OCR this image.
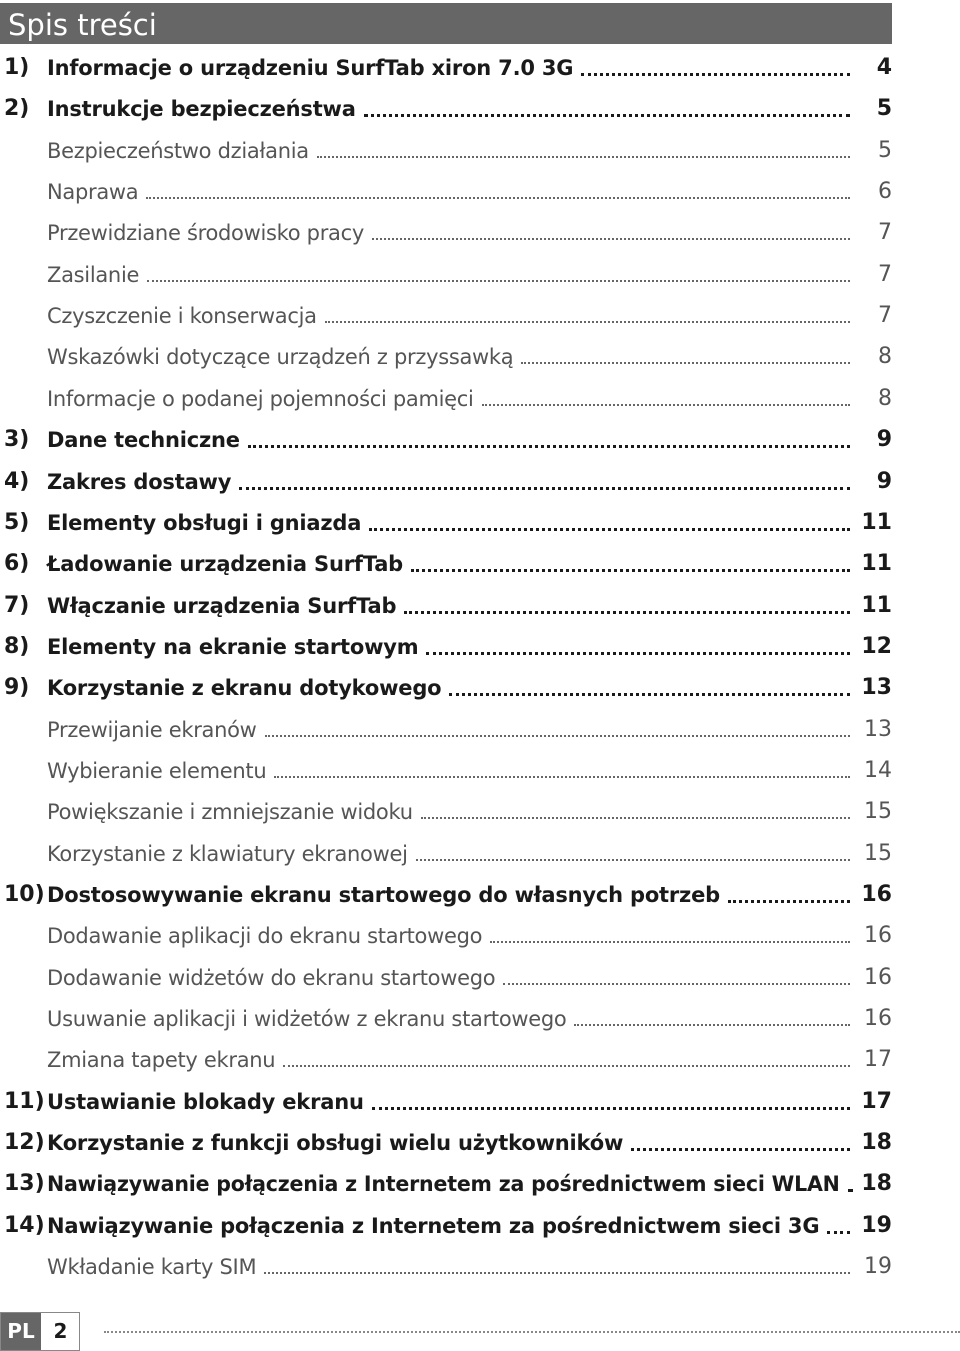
Spis treści
1) Informacje o urządzeniu SurfTab xiron 7.0 3G	4
2) Instrukcje bezpieczeństwa	5
Bezpieczeństwo działania	5
Naprawa	6
Przewidziane środowisko pracy	7
Zasilanie	7
Czyszczenie i konserwacja	7
Wskazówki dotyczące urządzeń z przyssawką	8
Informacje o podanej pojemności pamięci	8
3) Dane techniczne	9
4) Zakres dostawy	9
5) Elementy obsługi i gniazda	11
6) Ładowanie urządzenia SurfTab	11
7) Włączanie urządzenia SurfTab	11
8) Elementy na ekranie startowym	12
9) Korzystanie z ekranu dotykowego	13
Przewijanie ekranów	13
Wybieranie elementu	14
Powiększanie i zmniejszanie widoku	15
Korzystanie z klawiatury ekranowej	15
10) Dostosowywanie ekranu startowego do własnych potrzeb	16
Dodawanie aplikacji do ekranu startowego	16
Dodawanie widżetów do ekranu startowego	16
Usuwanie aplikacji i widżetów z ekranu startowego	16
Zmiana tapety ekranu	17
11) Ustawianie blokady ekranu	17
12) Korzystanie z funkcji obsługi wielu użytkowników	18
13) Nawiązywanie połączenia z Internetem za pośrednictwem sieci WLAN 18
14) Nawiązywanie połączenia z Internetem za pośrednictwem sieci 3G 19
Wkładanie karty SIM	19
PL 2
